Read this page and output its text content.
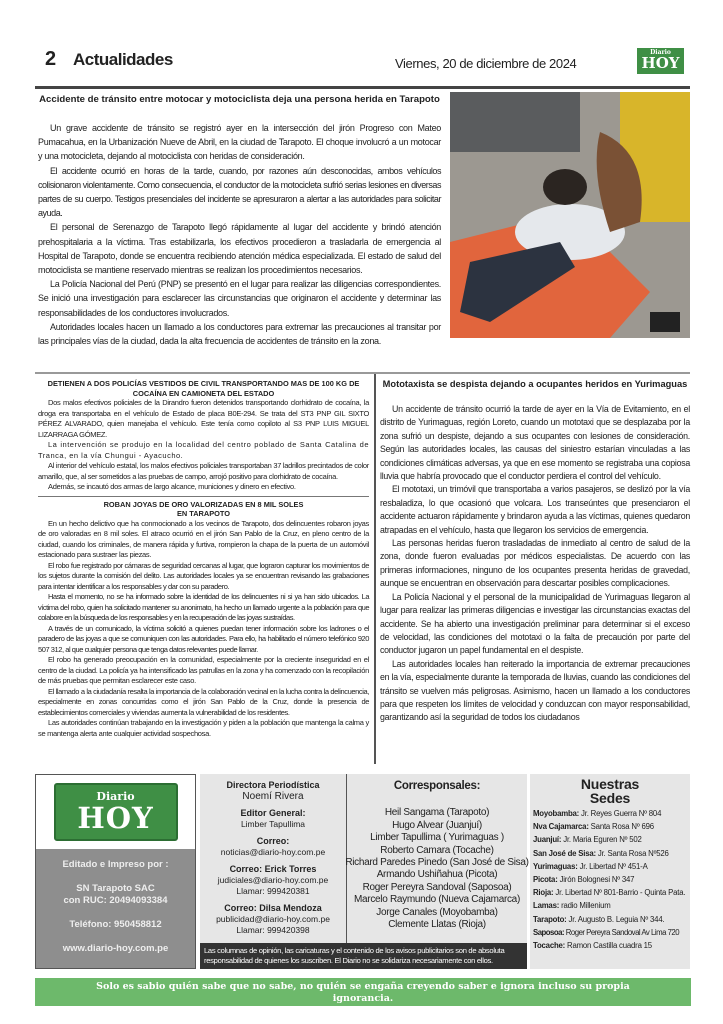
2 Actualidades	Viernes, 20 de diciembre de 2024
Diario
HOY
Accidente de tránsito entre motocar y motociclista deja una persona herida en Tarapoto

Un grave accidente de tránsito se registró ayer en la intersección del jirón Progreso con Mateo Pumacahua, en la Urbanización Nueve de Abril, en la ciudad de Tarapoto. El choque involucró a un motocar y una motocicleta, dejando al motociclista con heridas de consideración.

El accidente ocurrió en horas de la tarde, cuando, por razones aún desconocidas, ambos vehículos colisionaron violentamente. Como consecuencia, el conductor de la motocicleta sufrió serias lesiones en diversas partes de su cuerpo. Testigos presenciales del incidente se apresuraron a alertar a las autoridades para solicitar ayuda.

El personal de Serenazgo de Tarapoto llegó rápidamente al lugar del accidente y brindó atención prehospitalaria a la víctima. Tras estabilizarla, los efectivos procedieron a trasladarla de emergencia al Hospital de Tarapoto, donde se encuentra recibiendo atención médica especializada. El estado de salud del motociclista se mantiene reservado mientras se realizan los procedimientos necesarios.

La Policía Nacional del Perú (PNP) se presentó en el lugar para realizar las diligencias correspondientes. Se inició una investigación para esclarecer las circunstancias que originaron el accidente y determinar las responsabilidades de los conductores involucrados.

Autoridades locales hacen un llamado a los conductores para extremar las precauciones al transitar por las principales vías de la ciudad, dada la alta frecuencia de accidentes de tránsito en la zona.

DETIENEN A DOS POLICÍAS VESTIDOS DE CIVIL TRANSPORTANDO MAS DE 100 KG DE COCAÍNA EN CAMIONETA DEL ESTADO

Dos malos efectivos policiales de la Dirandro fueron detenidos transportando clorhidrato de cocaína, la droga era transportaba en el vehículo de Estado de placa B0E-294. Se trata del ST3 PNP GIL SIXTO PÉREZ ALVARADO, quien manejaba el vehículo. Este tenía como copiloto al S3 PNP LUIS MIGUEL LIZARRAGA GÓMEZ.

La intervención se produjo en la localidad del centro poblado de Santa Catalina de Tranca, en la vía Chungui - Ayacucho.

Al interior del vehículo estatal, los malos efectivos policiales transportaban 37 ladrillos precintados de color amarillo, que, al ser sometidos a las pruebas de campo, arrojó positivo para clorhidrato de cocaína.

Además, se incautó dos armas de largo alcance, municiones y dinero en efectivo.

ROBAN JOYAS DE ORO VALORIZADAS EN 8 MIL SOLES EN TARAPOTO

En un hecho delictivo que ha conmocionado a los vecinos de Tarapoto, dos delincuentes robaron joyas de oro valoradas en 8 mil soles. El atraco ocurrió en el jirón San Pablo de la Cruz, en pleno centro de la ciudad, cuando los criminales, de manera rápida y furtiva, rompieron la chapa de la puerta de un automóvil estacionado para sustraer las piezas.

El robo fue registrado por cámaras de seguridad cercanas al lugar, que lograron capturar los movimientos de los sujetos durante la comisión del delito. Las autoridades locales ya se encuentran revisando las grabaciones para intentar identificar a los responsables y dar con su paradero.

Hasta el momento, no se ha informado sobre la identidad de los delincuentes ni si ya han sido ubicados. La víctima del robo, quien ha solicitado mantener su anonimato, ha hecho un llamado urgente a la población para que colabore en la búsqueda de los responsables y en la recuperación de las joyas sustraídas.

A través de un comunicado, la víctima solicitó a quienes puedan tener información sobre los ladrones o el paradero de las joyas a que se comuniquen con las autoridades. Para ello, ha habilitado el número telefónico 920 507 312, al que cualquier persona que tenga datos relevantes puede llamar.

El robo ha generado preocupación en la comunidad, especialmente por la creciente inseguridad en el centro de la ciudad. La policía ya ha intensificado las patrullas en la zona y ha comenzado con la recopilación de más pruebas que permitan esclarecer este caso.

El llamado a la ciudadanía resalta la importancia de la colaboración vecinal en la lucha contra la delincuencia, especialmente en zonas concurridas como el jirón San Pablo de la Cruz, donde la presencia de establecimientos comerciales y viviendas aumenta la vulnerabilidad de los residentes.

Las autoridades continúan trabajando en la investigación y piden a la población que mantenga la calma y se mantenga alerta ante cualquier actividad sospechosa.

Mototaxista se despista dejando a ocupantes heridos en Yurimaguas

Un accidente de tránsito ocurrió la tarde de ayer en la Vía de Evitamiento, en el distrito de Yurimaguas, región Loreto, cuando un mototaxi que se desplazaba por la zona sufrió un despiste, dejando a sus ocupantes con lesiones de consideración. Según las autoridades locales, las causas del siniestro estarían vinculadas a las condiciones climáticas adversas, ya que en ese momento se registraba una copiosa lluvia que habría provocado que el conductor perdiera el control del vehículo.

El mototaxi, un trimóvil que transportaba a varios pasajeros, se deslizó por la vía resbaladiza, lo que ocasionó que volcara. Los transeúntes que presenciaron el accidente actuaron rápidamente y brindaron ayuda a las víctimas, quienes quedaron atrapadas en el vehículo, hasta que llegaron los servicios de emergencia.

Las personas heridas fueron trasladadas de inmediato al centro de salud de la zona, donde fueron evaluadas por médicos especialistas. De acuerdo con las primeras informaciones, ninguno de los ocupantes presenta heridas de gravedad, aunque se encuentran en observación para descartar posibles complicaciones.

La Policía Nacional y el personal de la municipalidad de Yurimaguas llegaron al lugar para realizar las primeras diligencias e investigar las circunstancias exactas del accidente. Se ha abierto una investigación preliminar para determinar si el exceso de velocidad, las condiciones del mototaxi o la falta de precaución por parte del conductor jugaron un papel fundamental en el despiste.

Las autoridades locales han reiterado la importancia de extremar precauciones en la vía, especialmente durante la temporada de lluvias, cuando las condiciones del tránsito se vuelven más peligrosas. Asimismo, hacen un llamado a los conductores para que respeten los límites de velocidad y conduzcan con mayor responsabilidad, garantizando así la seguridad de todos los ciudadanos

Diario
HOY
Editado e Impreso por :
SN Tarapoto SAC
con RUC: 20494093384
Teléfono: 950458812
www.diario-hoy.com.pe
Directora Periodística
Noemí Rivera
Editor General:
Limber Tapullima
Correo:
noticias@diario-hoy.com.pe
Correo: Erick Torres
judiciales@diario-hoy.com.pe
Llamar: 999420381
Correo: Dilsa Mendoza
publicidad@diario-hoy.com.pe
Llamar: 999420398
Corresponsales:
Heil Sangama (Tarapoto)
Hugo Alvear (Juanjuí)
Limber Tapullima ( Yurimaguas )
Roberto Camara (Tocache)
Richard Paredes Pinedo (San José de Sisa)
Armando Ushiñahua (Picota)
Roger Pereyra Sandoval (Saposoa)
Marcelo Raymundo (Nueva Cajamarca)
Jorge Canales (Moyobamba)
Clemente Llatas (Rioja)
Las columnas de opinión, las caricaturas y el contenido de los avisos publicitarios son de absoluta responsabilidad de quienes los suscriben. El Diario no se solidariza necesariamente con ellos.
Nuestras Sedes
Moyobamba: Jr. Reyes Guerra Nº 804
Nva Cajamarca: Santa Rosa Nº 696
Juanjuí: Jr. Maria Eguren Nº 502
San José de Sisa: Jr. Santa Rosa Nº526
Yurimaguas: Jr. Libertad Nº 451-A
Picota: Jirón Bolognesi Nº 347
Rioja: Jr. Libertad Nº 801-Barrio - Quinta Pata.
Lamas: radio Millenium
Tarapoto: Jr. Augusto B. Leguia Nº 344.
Saposoa: Roger Pereyra Sandoval Av Lima 720
Tocache: Ramon Castilla cuadra 15
Solo es sabio quién sabe que no sabe, no quién se engaña creyendo saber e ignora incluso su propia ignorancia.
